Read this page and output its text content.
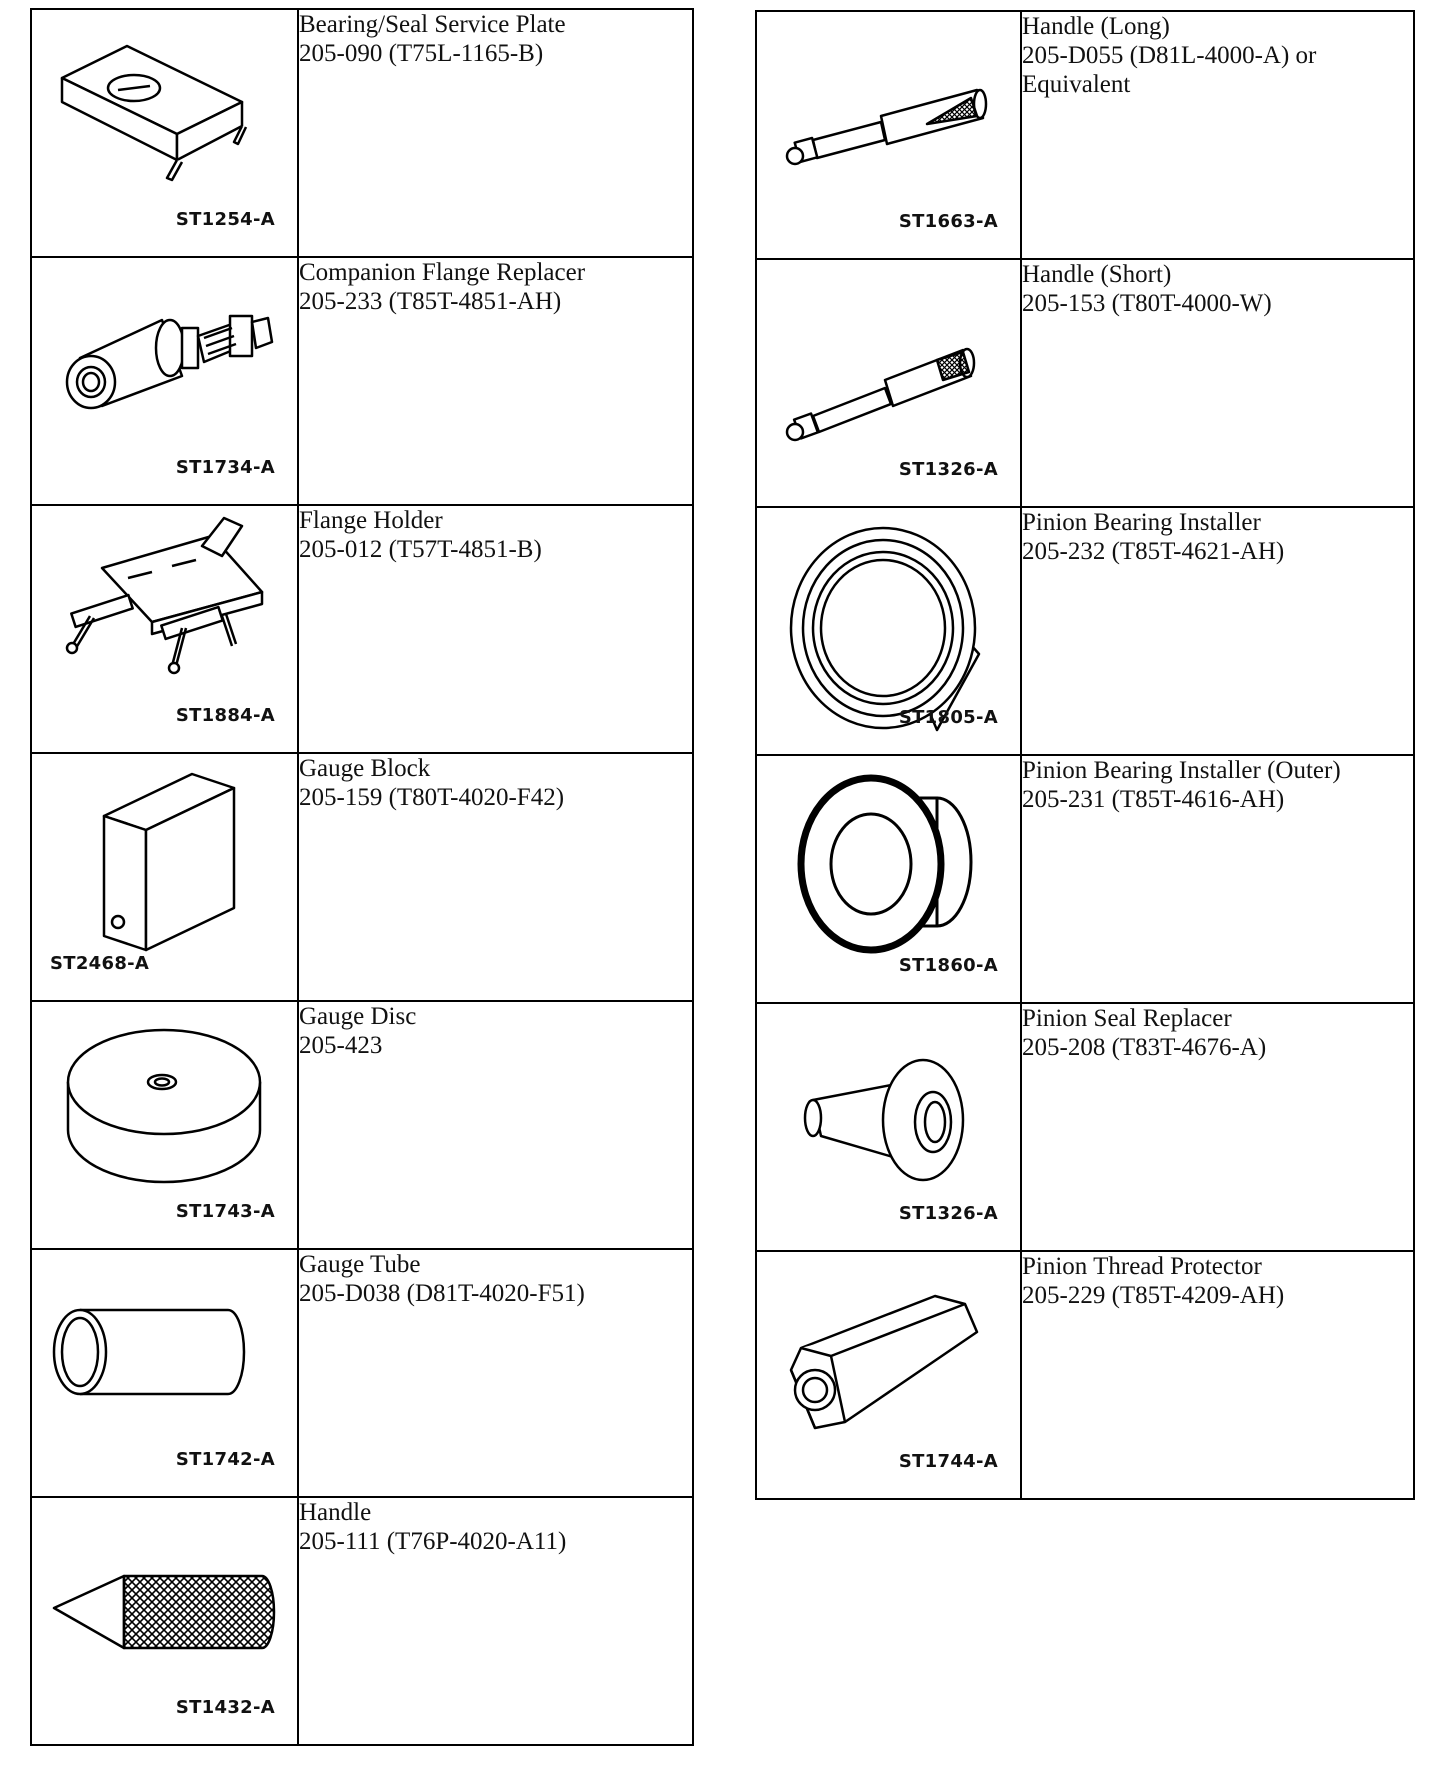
ST1254-A	Bearing/Seal Service Plate
205-090 (T75L-1165-B)

ST1734-A	Companion Flange Replacer
205-233 (T85T-4851-AH)

ST1884-A	Flange Holder
205-012 (T57T-4851-B)

ST2468-A	Gauge Block
205-159 (T80T-4020-F42)

ST1743-A	Gauge Disc
205-423

ST1742-A	Gauge Tube
205-D038 (D81T-4020-F51)

ST1432-A	Handle
205-111 (T76P-4020-A11)
ST1663-A	Handle (Long)
205-D055 (D81L-4000-A) or Equivalent

ST1326-A	Handle (Short)
205-153 (T80T-4000-W)

ST1805-A	Pinion Bearing Installer
205-232 (T85T-4621-AH)

ST1860-A	Pinion Bearing Installer (Outer)
205-231 (T85T-4616-AH)

ST1326-A	Pinion Seal Replacer
205-208 (T83T-4676-A)

ST1744-A	Pinion Thread Protector
205-229 (T85T-4209-AH)
